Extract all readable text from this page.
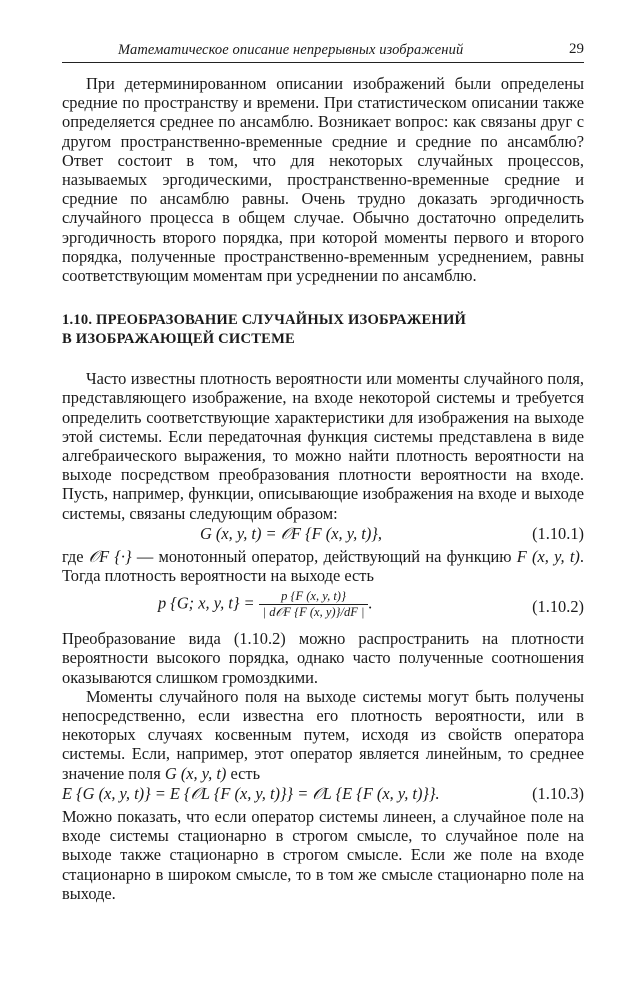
Математическое описание непрерывных изображений	29

При детерминированном описании изображений были определены средние по пространству и времени. При статистическом описании также определяется среднее по ансамблю. Возникает вопрос: как связаны друг с другом пространственно-временные средние и средние по ансамблю? Ответ состоит в том, что для некоторых случайных процессов, называемых эргодическими, пространственно-временные средние и средние по ансамблю равны. Очень трудно доказать эргодичность случайного процесса в общем случае. Обычно достаточно определить эргодичность второго порядка, при которой моменты первого и второго порядка, полученные пространственно-временным усреднением, равны соответствующим моментам при усреднении по ансамблю.

1.10. ПРЕОБРАЗОВАНИЕ СЛУЧАЙНЫХ ИЗОБРАЖЕНИЙ
В ИЗОБРАЖАЮЩЕЙ СИСТЕМЕ

Часто известны плотность вероятности или моменты случайного поля, представляющего изображение, на входе некоторой системы и требуется определить соответствующие характеристики для изображения на выходе этой системы. Если передаточная функция системы представлена в виде алгебраического выражения, то можно найти плотность вероятности на выходе посредством преобразования плотности вероятности на входе. Пусть, например, функции, описывающие изображения на входе и выходе системы, связаны следующим образом:

G (x, y, t) = 𝒪F {F (x, y, t)},	(1.10.1)

где 𝒪F {·} — монотонный оператор, действующий на функцию F (x, y, t). Тогда плотность вероятности на выходе есть

p {G; x, y, $t\} = \frac{p \{F (x, y, t)\}}{\text{| d𝒪F \{F (x, y)\}/dF |}}$ .	(1.10.2)

Преобразование вида (1.10.2) можно распространить на плотности вероятности высокого порядка, однако часто полученные соотношения оказываются слишком громоздкими.

Моменты случайного поля на выходе системы могут быть получены непосредственно, если известна его плотность вероятности, или в некоторых случаях косвенным путем, исходя из свойств оператора системы. Если, например, этот оператор является линейным, то среднее значение поля G (x, y, t) есть

E {G (x, y, t)} = E {𝒪L {F (x, y, t)}} = 𝒪L {E {F (x, y, t)}}.	(1.10.3)

Можно показать, что если оператор системы линеен, а случайное поле на входе системы стационарно в строгом смысле, то случайное поле на выходе также стационарно в строгом смысле. Если же поле на входе стационарно в широком смысле, то в том же смысле стационарно поле на выходе.
